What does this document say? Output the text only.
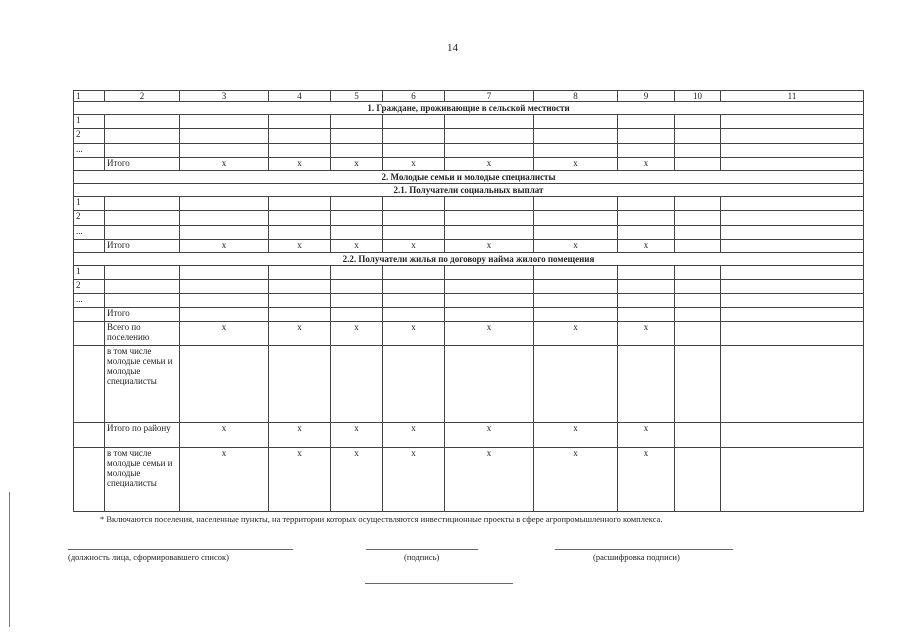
14
1	2	3	4	5	6	7	8	9	10	11
1. Граждане, проживающие в сельской местности										
1										
2										
...										
	Итого	х	х	х	х	х	х	х		
2. Молодые семьи и молодые специалисты										
2.1. Получатели социальных выплат										
1										
2										
...										
	Итого	х	х	х	х	х	х	х		
2.2. Получатели жилья по договору найма жилого помещения										
1										
2										
...										
	Итого									
	Всего по поселению	х	х	х	х	х	х	х		
	в том числе молодые семьи и молодые специалисты									
	Итого по району	х	х	х	х	х	х	х		
	в том числе молодые семьи и молодые специалисты	х	х	х	х	х	х	х		
* Включаются поселения, населенные пункты, на территории которых осуществляются инвестиционные проекты в сфере агропромышленного комплекса.
(должность лица, сформировавшего список)	(подпись)	(расшифровка подписи)
